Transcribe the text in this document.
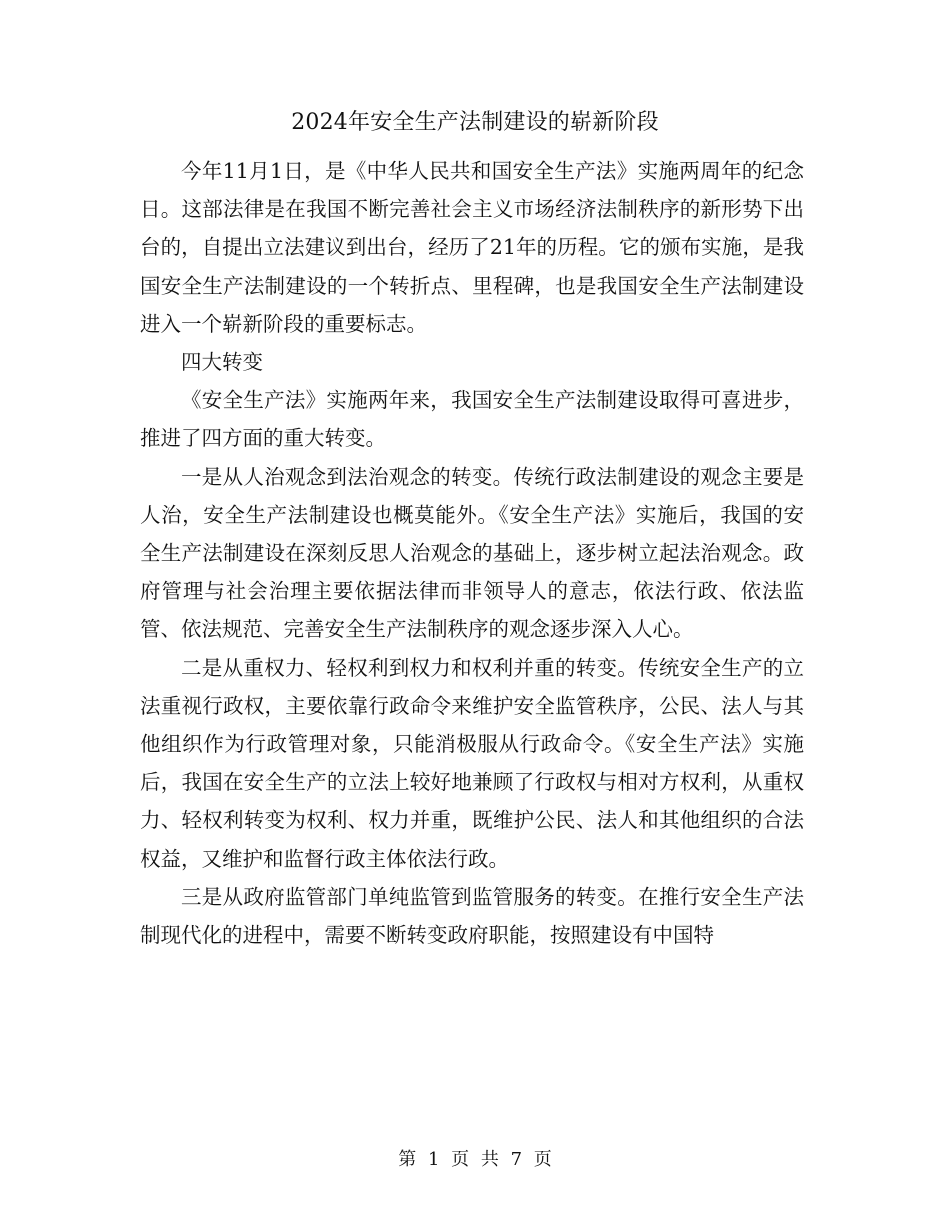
2024年安全生产法制建设的崭新阶段

今年11月1日，是《中华人民共和国安全生产法》实施两周年的纪念日。这部法律是在我国不断完善社会主义市场经济法制秩序的新形势下出台的，自提出立法建议到出台，经历了21年的历程。它的颁布实施，是我国安全生产法制建设的一个转折点、里程碑，也是我国安全生产法制建设进入一个崭新阶段的重要标志。

四大转变

《安全生产法》实施两年来，我国安全生产法制建设取得可喜进步，推进了四方面的重大转变。

一是从人治观念到法治观念的转变。传统行政法制建设的观念主要是人治，安全生产法制建设也概莫能外。《安全生产法》实施后，我国的安全生产法制建设在深刻反思人治观念的基础上，逐步树立起法治观念。政府管理与社会治理主要依据法律而非领导人的意志，依法行政、依法监管、依法规范、完善安全生产法制秩序的观念逐步深入人心。

二是从重权力、轻权利到权力和权利并重的转变。传统安全生产的立法重视行政权，主要依靠行政命令来维护安全监管秩序，公民、法人与其他组织作为行政管理对象，只能消极服从行政命令。《安全生产法》实施后，我国在安全生产的立法上较好地兼顾了行政权与相对方权利，从重权力、轻权利转变为权利、权力并重，既维护公民、法人和其他组织的合法权益，又维护和监督行政主体依法行政。

三是从政府监管部门单纯监管到监管服务的转变。在推行安全生产法制现代化的进程中，需要不断转变政府职能，按照建设有中国特

第 1 页 共 7 页
